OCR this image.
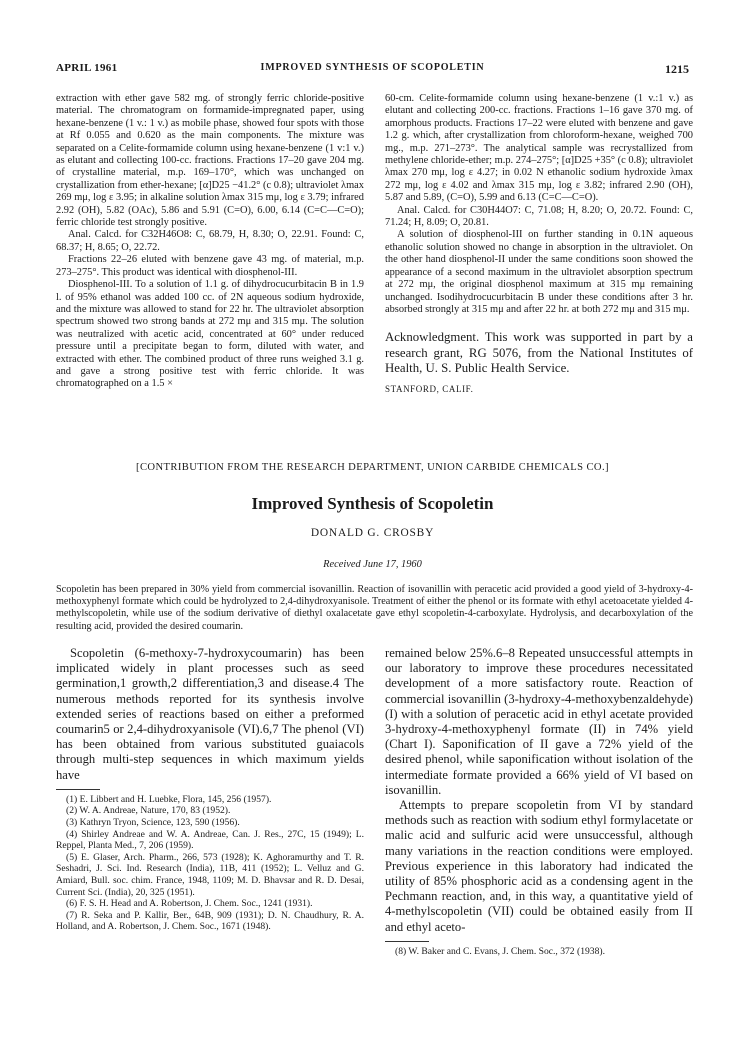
APRIL 1961	IMPROVED SYNTHESIS OF SCOPOLETIN	1215

extraction with ether gave 582 mg. of strongly ferric chloride-positive material. The chromatogram on formamide-impregnated paper, using hexane-benzene (1 v.: 1 v.) as mobile phase, showed four spots with those at Rf 0.055 and 0.620 as the main components. The mixture was separated on a Celite-formamide column using hexane-benzene (1 v:1 v.) as elutant and collecting 100-cc. fractions. Fractions 17–20 gave 204 mg. of crystalline material, m.p. 169–170°, which was unchanged on crystallization from ether-hexane; [α]D25 −41.2° (c 0.8); ultraviolet λmax 269 mμ, log ε 3.95; in alkaline solution λmax 315 mμ, log ε 3.79; infrared 2.92 (OH), 5.82 (OAc), 5.86 and 5.91 (C=O), 6.00, 6.14 (C=C—C=O); ferric chloride test strongly positive.

Anal. Calcd. for C32H46O8: C, 68.79, H, 8.30; O, 22.91. Found: C, 68.37; H, 8.65; O, 22.72.

Fractions 22–26 eluted with benzene gave 43 mg. of material, m.p. 273–275°. This product was identical with diosphenol-III.

Diosphenol-III. To a solution of 1.1 g. of dihydrocucurbitacin B in 1.9 l. of 95% ethanol was added 100 cc. of 2N aqueous sodium hydroxide, and the mixture was allowed to stand for 22 hr. The ultraviolet absorption spectrum showed two strong bands at 272 mμ and 315 mμ. The solution was neutralized with acetic acid, concentrated at 60° under reduced pressure until a precipitate began to form, diluted with water, and extracted with ether. The combined product of three runs weighed 3.1 g. and gave a strong positive test with ferric chloride. It was chromatographed on a 1.5 ×

60-cm. Celite-formamide column using hexane-benzene (1 v.:1 v.) as elutant and collecting 200-cc. fractions. Fractions 1–16 gave 370 mg. of amorphous products. Fractions 17–22 were eluted with benzene and gave 1.2 g. which, after crystallization from chloroform-hexane, weighed 700 mg., m.p. 271–273°. The analytical sample was recrystallized from methylene chloride-ether; m.p. 274–275°; [α]D25 +35° (c 0.8); ultraviolet λmax 270 mμ, log ε 4.27; in 0.02 N ethanolic sodium hydroxide λmax 272 mμ, log ε 4.02 and λmax 315 mμ, log ε 3.82; infrared 2.90 (OH), 5.87 and 5.89, (C=O), 5.99 and 6.13 (C=C—C=O).

Anal. Calcd. for C30H44O7: C, 71.08; H, 8.20; O, 20.72. Found: C, 71.24; H, 8.09; O, 20.81.

A solution of diosphenol-III on further standing in 0.1N aqueous ethanolic solution showed no change in absorption in the ultraviolet. On the other hand diosphenol-II under the same conditions soon showed the appearance of a second maximum in the ultraviolet absorption spectrum at 272 mμ, the original diosphenol maximum at 315 mμ remaining unchanged. Isodihydrocucurbitacin B under these conditions after 3 hr. absorbed strongly at 315 mμ and after 22 hr. at both 272 mμ and 315 mμ.

Acknowledgment. This work was supported in part by a research grant, RG 5076, from the National Institutes of Health, U. S. Public Health Service.

STANFORD, CALIF.

[CONTRIBUTION FROM THE RESEARCH DEPARTMENT, UNION CARBIDE CHEMICALS CO.]
Improved Synthesis of Scopoletin
DONALD G. CROSBY
Received June 17, 1960
Scopoletin has been prepared in 30% yield from commercial isovanillin. Reaction of isovanillin with peracetic acid provided a good yield of 3-hydroxy-4-methoxyphenyl formate which could be hydrolyzed to 2,4-dihydroxyanisole. Treatment of either the phenol or its formate with ethyl acetoacetate yielded 4-methylscopoletin, while use of the sodium derivative of diethyl oxalacetate gave ethyl scopoletin-4-carboxylate. Hydrolysis, and decarboxylation of the resulting acid, provided the desired coumarin.

Scopoletin (6-methoxy-7-hydroxycoumarin) has been implicated widely in plant processes such as seed germination,1 growth,2 differentiation,3 and disease.4 The numerous methods reported for its synthesis involve extended series of reactions based on either a preformed coumarin5 or 2,4-dihydroxyanisole (VI).6,7 The phenol (VI) has been obtained from various substituted guaiacols through multi-step sequences in which maximum yields have

(1) E. Libbert and H. Luebke, Flora, 145, 256 (1957).

(2) W. A. Andreae, Nature, 170, 83 (1952).

(3) Kathryn Tryon, Science, 123, 590 (1956).

(4) Shirley Andreae and W. A. Andreae, Can. J. Res., 27C, 15 (1949); L. Reppel, Planta Med., 7, 206 (1959).

(5) E. Glaser, Arch. Pharm., 266, 573 (1928); K. Aghoramurthy and T. R. Seshadri, J. Sci. Ind. Research (India), 11B, 411 (1952); L. Velluz and G. Amiard, Bull. soc. chim. France, 1948, 1109; M. D. Bhavsar and R. D. Desai, Current Sci. (India), 20, 325 (1951).

(6) F. S. H. Head and A. Robertson, J. Chem. Soc., 1241 (1931).

(7) R. Seka and P. Kallir, Ber., 64B, 909 (1931); D. N. Chaudhury, R. A. Holland, and A. Robertson, J. Chem. Soc., 1671 (1948).

remained below 25%.6–8 Repeated unsuccessful attempts in our laboratory to improve these procedures necessitated development of a more satisfactory route. Reaction of commercial isovanillin (3-hydroxy-4-methoxybenzaldehyde) (I) with a solution of peracetic acid in ethyl acetate provided 3-hydroxy-4-methoxyphenyl formate (II) in 74% yield (Chart I). Saponification of II gave a 72% yield of the desired phenol, while saponification without isolation of the intermediate formate provided a 66% yield of VI based on isovanillin.

Attempts to prepare scopoletin from VI by standard methods such as reaction with sodium ethyl formylacetate or malic acid and sulfuric acid were unsuccessful, although many variations in the reaction conditions were employed. Previous experience in this laboratory had indicated the utility of 85% phosphoric acid as a condensing agent in the Pechmann reaction, and, in this way, a quantitative yield of 4-methylscopoletin (VII) could be obtained easily from II and ethyl aceto-

(8) W. Baker and C. Evans, J. Chem. Soc., 372 (1938).
